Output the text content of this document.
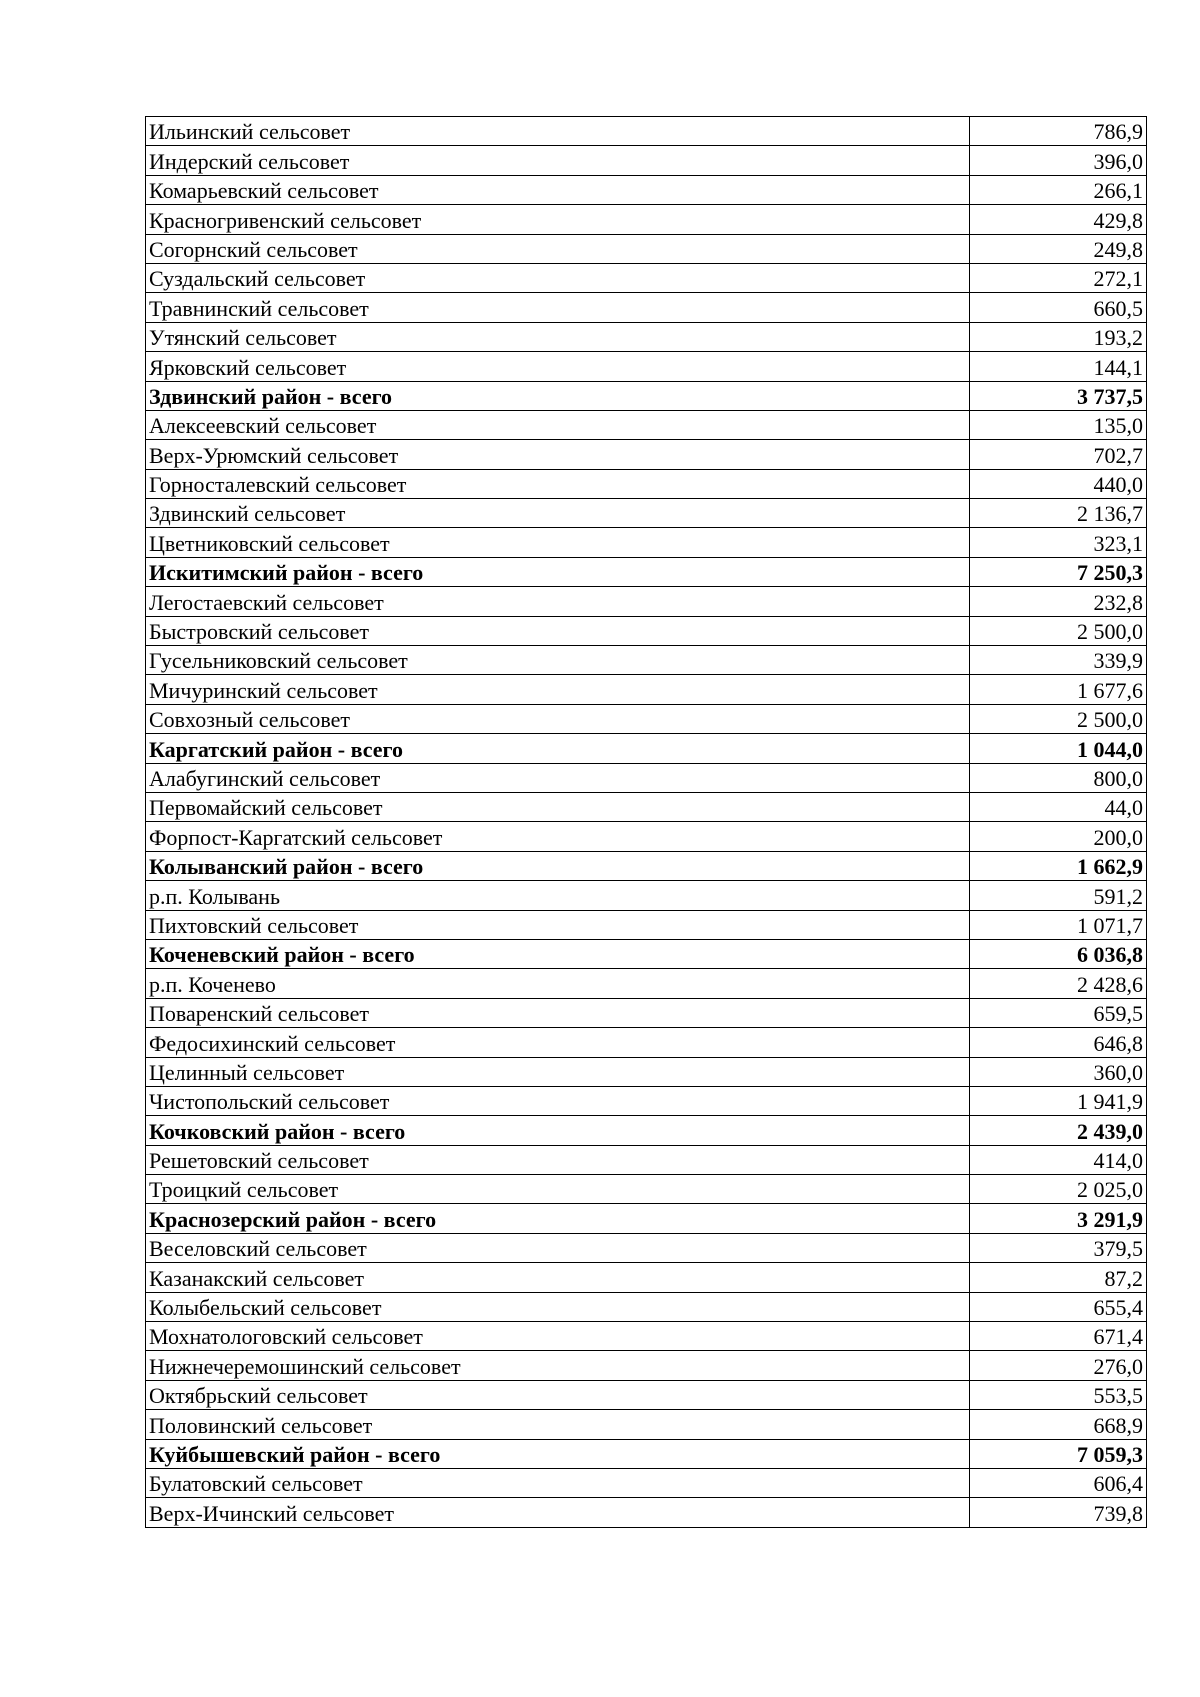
Ильинский сельсовет	786,9
Индерский сельсовет	396,0
Комарьевский сельсовет	266,1
Красногривенский сельсовет	429,8
Согорнский сельсовет	249,8
Суздальский сельсовет	272,1
Травнинский сельсовет	660,5
Утянский сельсовет	193,2
Ярковский сельсовет	144,1
Здвинский район - всего	3 737,5
Алексеевский сельсовет	135,0
Верх-Урюмский сельсовет	702,7
Горносталевский сельсовет	440,0
Здвинский сельсовет	2 136,7
Цветниковский сельсовет	323,1
Искитимский район - всего	7 250,3
Легостаевский сельсовет	232,8
Быстровский сельсовет	2 500,0
Гусельниковский сельсовет	339,9
Мичуринский сельсовет	1 677,6
Совхозный сельсовет	2 500,0
Каргатский район - всего	1 044,0
Алабугинский сельсовет	800,0
Первомайский сельсовет	44,0
Форпост-Каргатский сельсовет	200,0
Колыванский район - всего	1 662,9
р.п. Колывань	591,2
Пихтовский сельсовет	1 071,7
Коченевский район - всего	6 036,8
р.п. Коченево	2 428,6
Поваренский сельсовет	659,5
Федосихинский сельсовет	646,8
Целинный сельсовет	360,0
Чистопольский сельсовет	1 941,9
Кочковский район - всего	2 439,0
Решетовский сельсовет	414,0
Троицкий сельсовет	2 025,0
Краснозерский район - всего	3 291,9
Веселовский сельсовет	379,5
Казанакский сельсовет	87,2
Колыбельский сельсовет	655,4
Мохнатологовский сельсовет	671,4
Нижнечеремошинский сельсовет	276,0
Октябрьский сельсовет	553,5
Половинский сельсовет	668,9
Куйбышевский район - всего	7 059,3
Булатовский сельсовет	606,4
Верх-Ичинский сельсовет	739,8
